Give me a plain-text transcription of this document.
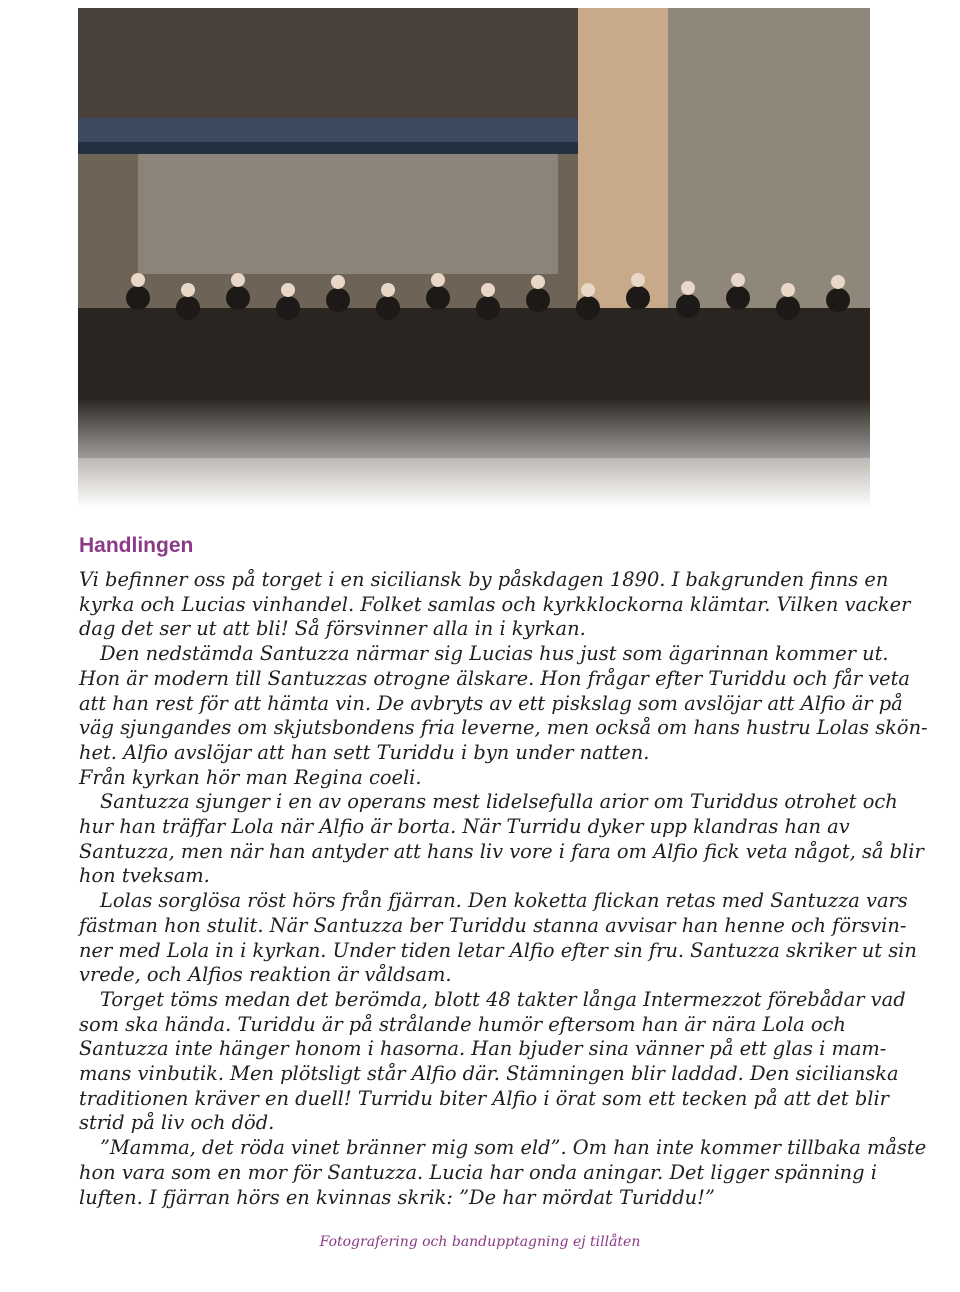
Handlingen
Vi befinner oss på torget i en siciliansk by påskdagen 1890. I bakgrunden finns en
kyrka och Lucias vinhandel. Folket samlas och kyrkklockorna klämtar. Vilken vacker
dag det ser ut att bli! Så försvinner alla in i kyrkan.
Den nedstämda Santuzza närmar sig Lucias hus just som ägarinnan kommer ut.
Hon är modern till Santuzzas otrogne älskare. Hon frågar efter Turiddu och får veta
att han rest för att hämta vin. De avbryts av ett piskslag som avslöjar att Alfio är på
väg sjungandes om skjutsbondens fria leverne, men också om hans hustru Lolas skön-
het. Alfio avslöjar att han sett Turiddu i byn under natten.
Från kyrkan hör man Regina coeli.
Santuzza sjunger i en av operans mest lidelsefulla arior om Turiddus otrohet och
hur han träffar Lola när Alfio är borta. När Turridu dyker upp klandras han av
Santuzza, men när han antyder att hans liv vore i fara om Alfio fick veta något, så blir
hon tveksam.
Lolas sorglösa röst hörs från fjärran. Den koketta flickan retas med Santuzza vars
fästman hon stulit. När Santuzza ber Turiddu stanna avvisar han henne och försvin-
ner med Lola in i kyrkan. Under tiden letar Alfio efter sin fru. Santuzza skriker ut sin
vrede, och Alfios reaktion är våldsam.
Torget töms medan det berömda, blott 48 takter långa Intermezzot förebådar vad
som ska hända. Turiddu är på strålande humör eftersom han är nära Lola och
Santuzza inte hänger honom i hasorna. Han bjuder sina vänner på ett glas i mam-
mans vinbutik. Men plötsligt står Alfio där. Stämningen blir laddad. Den sicilianska
traditionen kräver en duell! Turridu biter Alfio i örat som ett tecken på att det blir
strid på liv och död.
”Mamma, det röda vinet bränner mig som eld”. Om han inte kommer tillbaka måste
hon vara som en mor för Santuzza. Lucia har onda aningar. Det ligger spänning i
luften. I fjärran hörs en kvinnas skrik: ”De har mördat Turiddu!”
Fotografering och bandupptagning ej tillåten
